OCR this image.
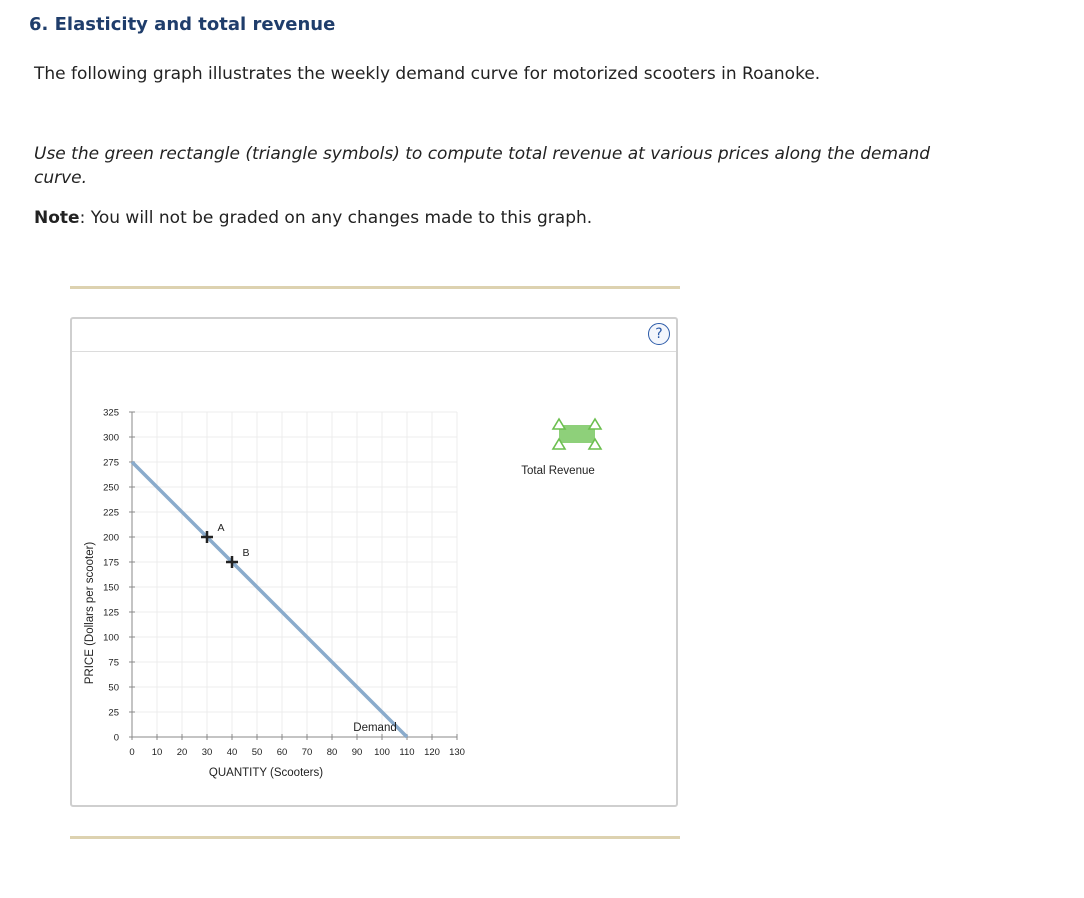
6. Elasticity and total revenue

The following graph illustrates the weekly demand curve for motorized scooters in Roanoke.

Use the green rectangle (triangle symbols) to compute total revenue at various prices along the demand curve.

Note: You will not be graded on any changes made to this graph.

?
0 10 20 30 40 50 60 70 80 90 100 110 120 130
0
25
50
75
100
125
150
175
200
225
250
275
300
325
Demand
A
B
QUANTITY (Scooters)
PRICE (Dollars per scooter)
Total Revenue
